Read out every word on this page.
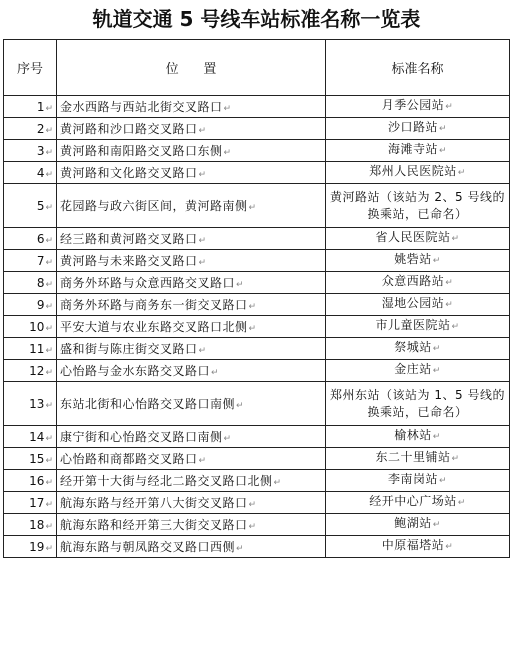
轨道交通 5 号线车站标准名称一览表
序号	位      置	标准名称
1↵	金水西路与西站北街交叉路口↵	月季公园站↵
2↵	黄河路和沙口路交叉路口↵	沙口路站↵
3↵	黄河路和南阳路交叉路口东侧↵	海滩寺站↵
4↵	黄河路和文化路交叉路口↵	郑州人民医院站↵
5↵	花园路与政六街区间，黄河路南侧↵	黄河路站（该站为 2、5 号线的换乘站，已命名）
6↵	经三路和黄河路交叉路口↵	省人民医院站↵
7↵	黄河路与未来路交叉路口↵	姚砦站↵
8↵	商务外环路与众意西路交叉路口↵	众意西路站↵
9↵	商务外环路与商务东一街交叉路口↵	湿地公园站↵
10↵	平安大道与农业东路交叉路口北侧↵	市儿童医院站↵
11↵	盛和街与陈庄街交叉路口↵	祭城站↵
12↵	心怡路与金水东路交叉路口↵	金庄站↵
13↵	东站北街和心怡路交叉路口南侧↵	郑州东站（该站为 1、5 号线的换乘站，已命名）
14↵	康宁街和心怡路交叉路口南侧↵	榆林站↵
15↵	心怡路和商都路交叉路口↵	东二十里铺站↵
16↵	经开第十大街与经北二路交叉路口北侧↵	李南岗站↵
17↵	航海东路与经开第八大街交叉路口↵	经开中心广场站↵
18↵	航海东路和经开第三大街交叉路口↵	鲍湖站↵
19↵	航海东路与朝凤路交叉路口西侧↵	中原福塔站↵
